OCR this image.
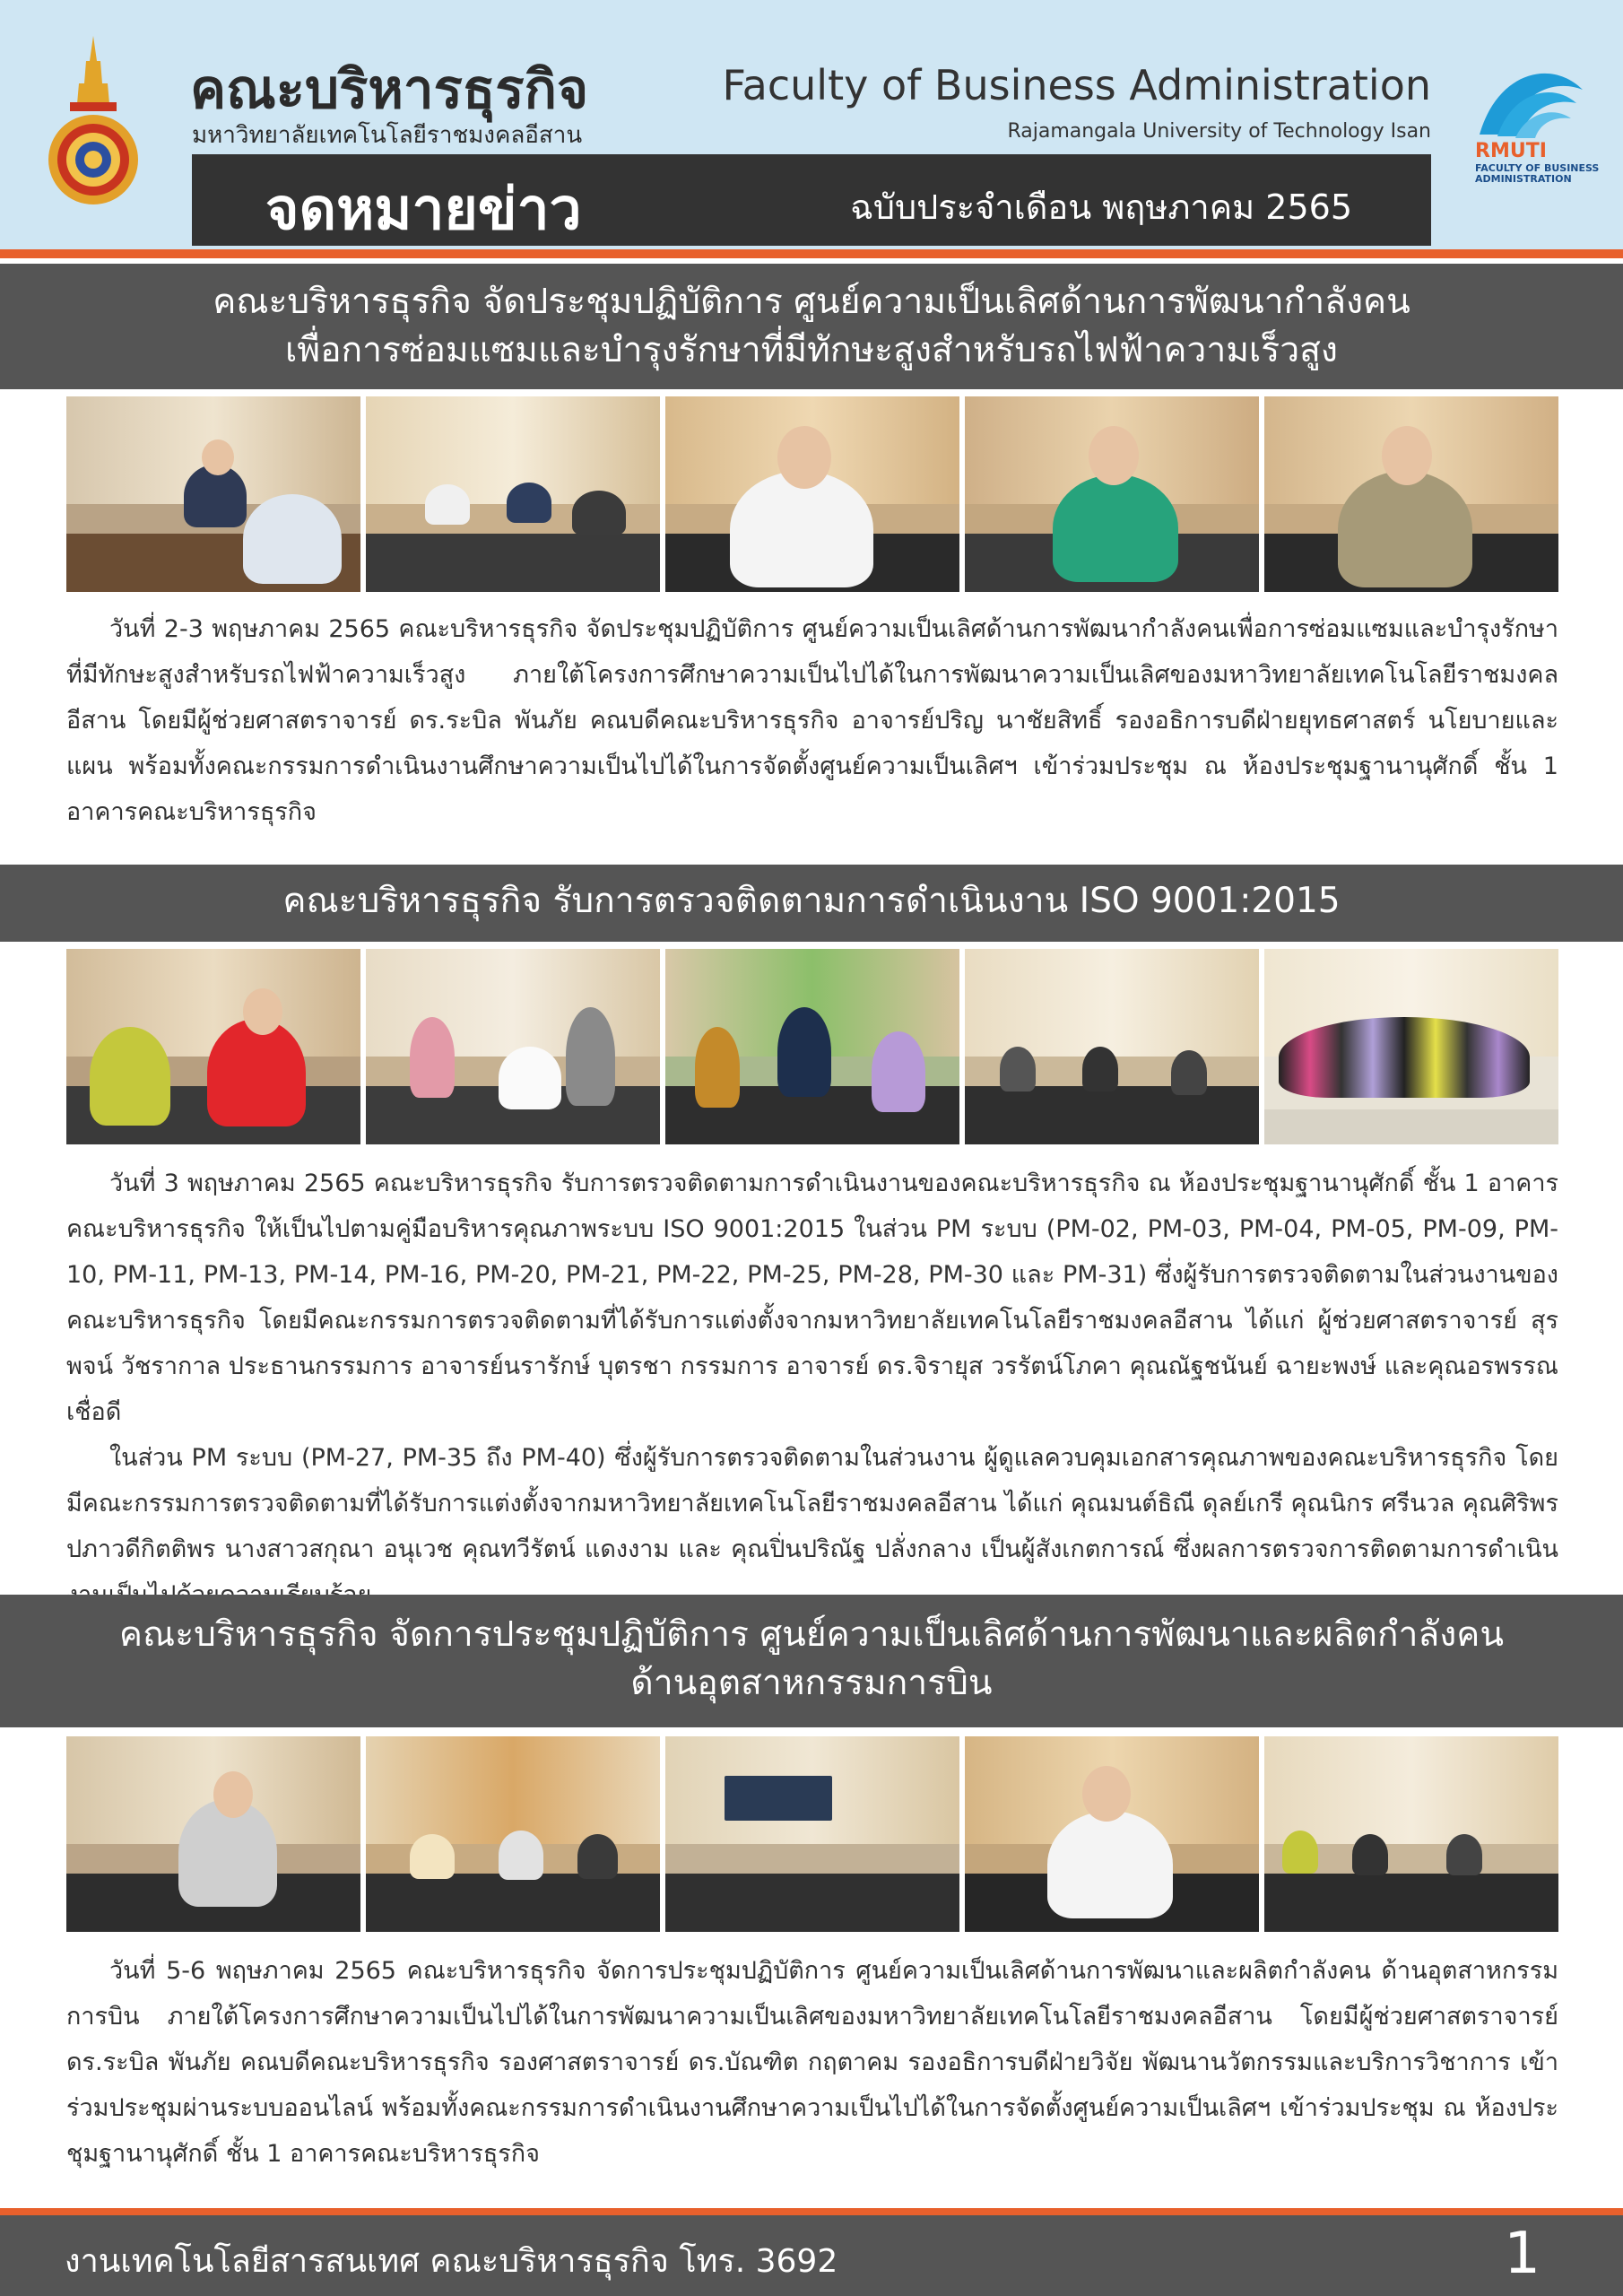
คณะบริหารธุรกิจ
มหาวิทยาลัยเทคโนโลยีราชมงคลอีสาน
Faculty of Business Administration
Rajamangala University of Technology Isan
RMUTI
FACULTY OF BUSINESS ADMINISTRATION
จดหมายข่าว	ฉบับประจำเดือน พฤษภาคม 2565
คณะบริหารธุรกิจ จัดประชุมปฏิบัติการ ศูนย์ความเป็นเลิศด้านการพัฒนากำลังคน
เพื่อการซ่อมแซมและบำรุงรักษาที่มีทักษะสูงสำหรับรถไฟฟ้าความเร็วสูง

วันที่ 2-3 พฤษภาคม 2565 คณะบริหารธุรกิจ จัดประชุมปฏิบัติการ ศูนย์ความเป็นเลิศด้านการพัฒนากำลังคนเพื่อการซ่อมแซมและบำรุงรักษาที่มีทักษะสูงสำหรับรถไฟฟ้าความเร็วสูง ภายใต้โครงการศึกษาความเป็นไปได้ในการพัฒนาความเป็นเลิศของมหาวิทยาลัยเทคโนโลยีราชมงคลอีสาน โดยมีผู้ช่วยศาสตราจารย์ ดร.ระบิล พันภัย คณบดีคณะบริหารธุรกิจ อาจารย์ปริญ นาชัยสิทธิ์ รองอธิการบดีฝ่ายยุทธศาสตร์ นโยบายและแผน พร้อมทั้งคณะกรรมการดำเนินงานศึกษาความเป็นไปได้ในการจัดตั้งศูนย์ความเป็นเลิศฯ เข้าร่วมประชุม ณ ห้องประชุมฐานานุศักดิ์ ชั้น 1 อาคารคณะบริหารธุรกิจ

คณะบริหารธุรกิจ รับการตรวจติดตามการดำเนินงาน ISO 9001:2015

วันที่ 3 พฤษภาคม 2565 คณะบริหารธุรกิจ รับการตรวจติดตามการดำเนินงานของคณะบริหารธุรกิจ ณ ห้องประชุมฐานานุศักดิ์ ชั้น 1 อาคารคณะบริหารธุรกิจ ให้เป็นไปตามคู่มือบริหารคุณภาพระบบ ISO 9001:2015 ในส่วน PM ระบบ (PM-02, PM-03, PM-04, PM-05, PM-09, PM-10, PM-11, PM-13, PM-14, PM-16, PM-20, PM-21, PM-22, PM-25, PM-28, PM-30 และ PM-31) ซึ่งผู้รับการตรวจติดตามในส่วนงานของคณะบริหารธุรกิจ โดยมีคณะกรรมการตรวจติดตามที่ได้รับการแต่งตั้งจากมหาวิทยาลัยเทคโนโลยีราชมงคลอีสาน ได้แก่ ผู้ช่วยศาสตราจารย์ สุรพจน์ วัชรากาล ประธานกรรมการ อาจารย์นรารักษ์ บุตรชา กรรมการ อาจารย์ ดร.จิรายุส วรรัตน์โภคา คุณณัฐชนันย์ ฉายะพงษ์ และคุณอรพรรณ เชื่อดี

ในส่วน PM ระบบ (PM-27, PM-35 ถึง PM-40) ซึ่งผู้รับการตรวจติดตามในส่วนงาน ผู้ดูแลควบคุมเอกสารคุณภาพของคณะบริหารธุรกิจ โดยมีคณะกรรมการตรวจติดตามที่ได้รับการแต่งตั้งจากมหาวิทยาลัยเทคโนโลยีราชมงคลอีสาน ได้แก่ คุณมนต์ธิณี ดุลย์เกรี คุณนิกร ศรีนวล คุณศิริพร ปภาวดีกิตติพร นางสาวสกุณา อนุเวช คุณทวีรัตน์ แดงงาม และ คุณปิ่นปริณัฐ ปลั่งกลาง เป็นผู้สังเกตการณ์ ซึ่งผลการตรวจการติดตามการดำเนิน

คณะบริหารธุรกิจ จัดการประชุมปฏิบัติการ ศูนย์ความเป็นเลิศด้านการพัฒนาและผลิตกำลังคน
ด้านอุตสาหกรรมการบิน

วันที่ 5-6 พฤษภาคม 2565 คณะบริหารธุรกิจ จัดการประชุมปฏิบัติการ ศูนย์ความเป็นเลิศด้านการพัฒนาและผลิตกำลังคน ด้านอุตสาหกรรมการบิน ภายใต้โครงการศึกษาความเป็นไปได้ในการพัฒนาความเป็นเลิศของมหาวิทยาลัยเทคโนโลยีราชมงคลอีสาน โดยมีผู้ช่วยศาสตราจารย์ ดร.ระบิล พันภัย คณบดีคณะบริหารธุรกิจ รองศาสตราจารย์ ดร.บัณฑิต กฤตาคม รองอธิการบดีฝ่ายวิจัย พัฒนานวัตกรรมและบริการวิชาการ เข้าร่วมประชุมผ่านระบบออนไลน์ พร้อมทั้งคณะกรรมการดำเนินงานศึกษาความเป็นไปได้ในการจัดตั้งศูนย์ความเป็นเลิศฯ เข้าร่วมประชุม ณ ห้องประชุมฐานานุศักดิ์ ชั้น 1 อาคารคณะบริหารธุรกิจ

งานเทคโนโลยีสารสนเทศ คณะบริหารธุรกิจ โทร. 3692	1
